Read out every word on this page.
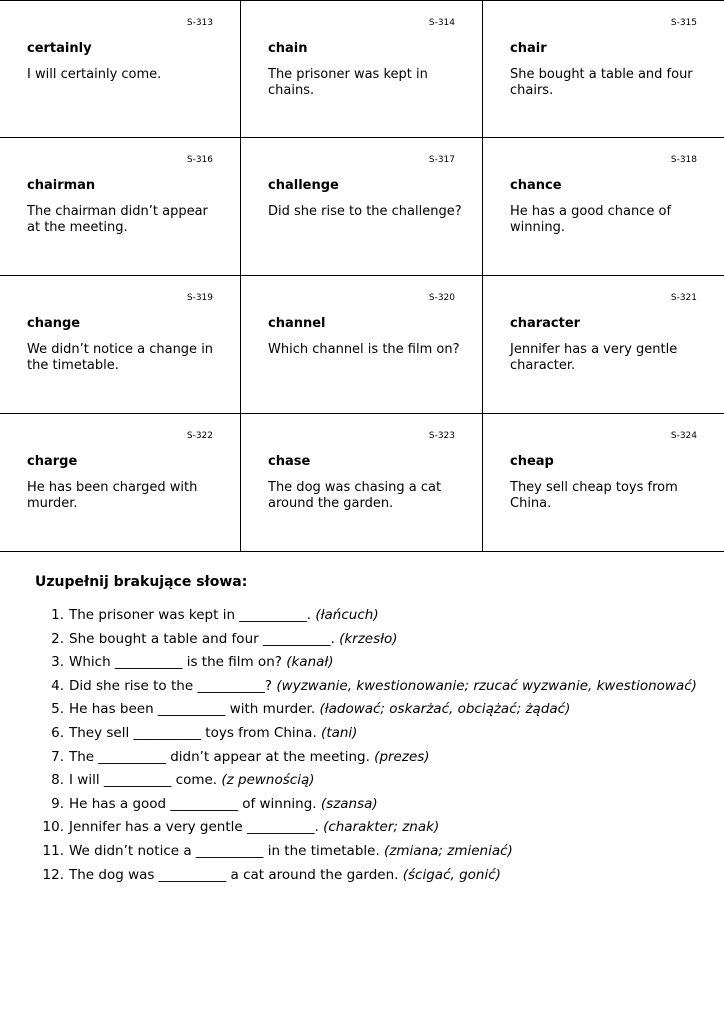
S-313
certainly
I will certainly come.
S-314
chain
The prisoner was kept in chains.
S-315
chair
She bought a table and four chairs.
S-316
chairman
The chairman didn’t appear at the meeting.
S-317
challenge
Did she rise to the challenge?
S-318
chance
He has a good chance of winning.
S-319
change
We didn’t notice a change in the timetable.
S-320
channel
Which channel is the film on?
S-321
character
Jennifer has a very gentle character.
S-322
charge
He has been charged with murder.
S-323
chase
The dog was chasing a cat around the garden.
S-324
cheap
They sell cheap toys from China.
Uzupełnij brakujące słowa:
1. The prisoner was kept in __________. (łańcuch)
2. She bought a table and four __________. (krzesło)
3. Which __________ is the film on? (kanał)
4. Did she rise to the __________? (wyzwanie, kwestionowanie; rzucać wyzwanie, kwestionować)
5. He has been __________ with murder. (ładować; oskarżać, obciążać; żądać)
6. They sell __________ toys from China. (tani)
7. The __________ didn’t appear at the meeting. (prezes)
8. I will __________ come. (z pewnością)
9. He has a good __________ of winning. (szansa)
10. Jennifer has a very gentle __________. (charakter; znak)
11. We didn’t notice a __________ in the timetable. (zmiana; zmieniać)
12. The dog was __________ a cat around the garden. (ścigać, gonić)
